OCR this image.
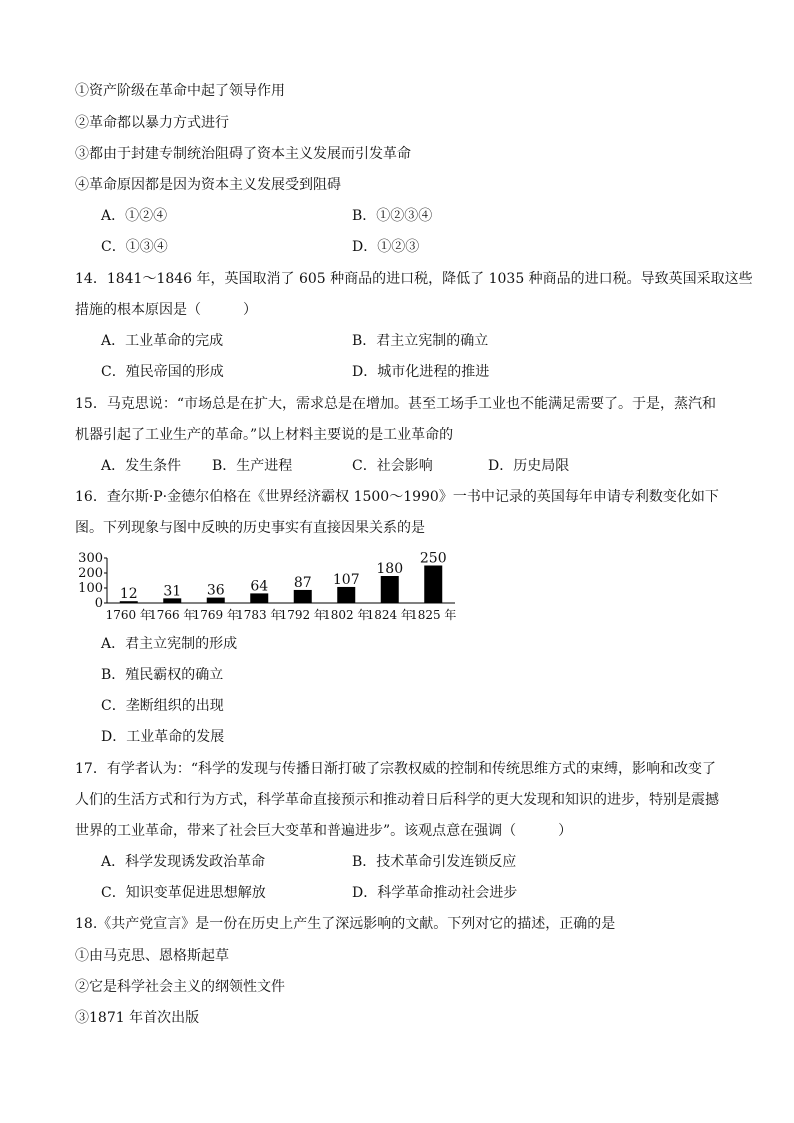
①资产阶级在革命中起了领导作用
②革命都以暴力方式进行
③都由于封建专制统治阻碍了资本主义发展而引发革命
④革命原因都是因为资本主义发展受到阻碍
A．①②④	B．①②③④
C．①③④	D．①②③
14．1841～1846 年，英国取消了 605 种商品的进口税，降低了 1035 种商品的进口税。导致英国采取这些
措施的根本原因是（　　　）
A．工业革命的完成	B．君主立宪制的确立
C．殖民帝国的形成	D．城市化进程的推进
15．马克思说：“市场总是在扩大，需求总是在增加。甚至工场手工业也不能满足需要了。于是，蒸汽和
机器引起了工业生产的革命。”以上材料主要说的是工业革命的
A．发生条件 B．生产进程	C．社会影响	D．历史局限
16．查尔斯·P·金德尔伯格在《世界经济霸权 1500～1990》一书中记录的英国每年申请专利数变化如下
图。下列现象与图中反映的历史事实有直接因果关系的是
300
200
100
0
12 31 36 64 87 107
180
250
1760 年
1766 年
1769 年
1783 年
1792 年
1802 年
1824 年
1825 年
A．君主立宪制的形成
B．殖民霸权的确立
C．垄断组织的出现
D．工业革命的发展
17．有学者认为：“科学的发现与传播日渐打破了宗教权威的控制和传统思维方式的束缚，影响和改变了
人们的生活方式和行为方式，科学革命直接预示和推动着日后科学的更大发现和知识的进步，特别是震撼
世界的工业革命，带来了社会巨大变革和普遍进步”。该观点意在强调（　　　）
A．科学发现诱发政治革命	B．技术革命引发连锁反应
C．知识变革促进思想解放	D．科学革命推动社会进步
18.《共产党宣言》是一份在历史上产生了深远影响的文献。下列对它的描述，正确的是
①由马克思、恩格斯起草
②它是科学社会主义的纲领性文件
③1871 年首次出版
